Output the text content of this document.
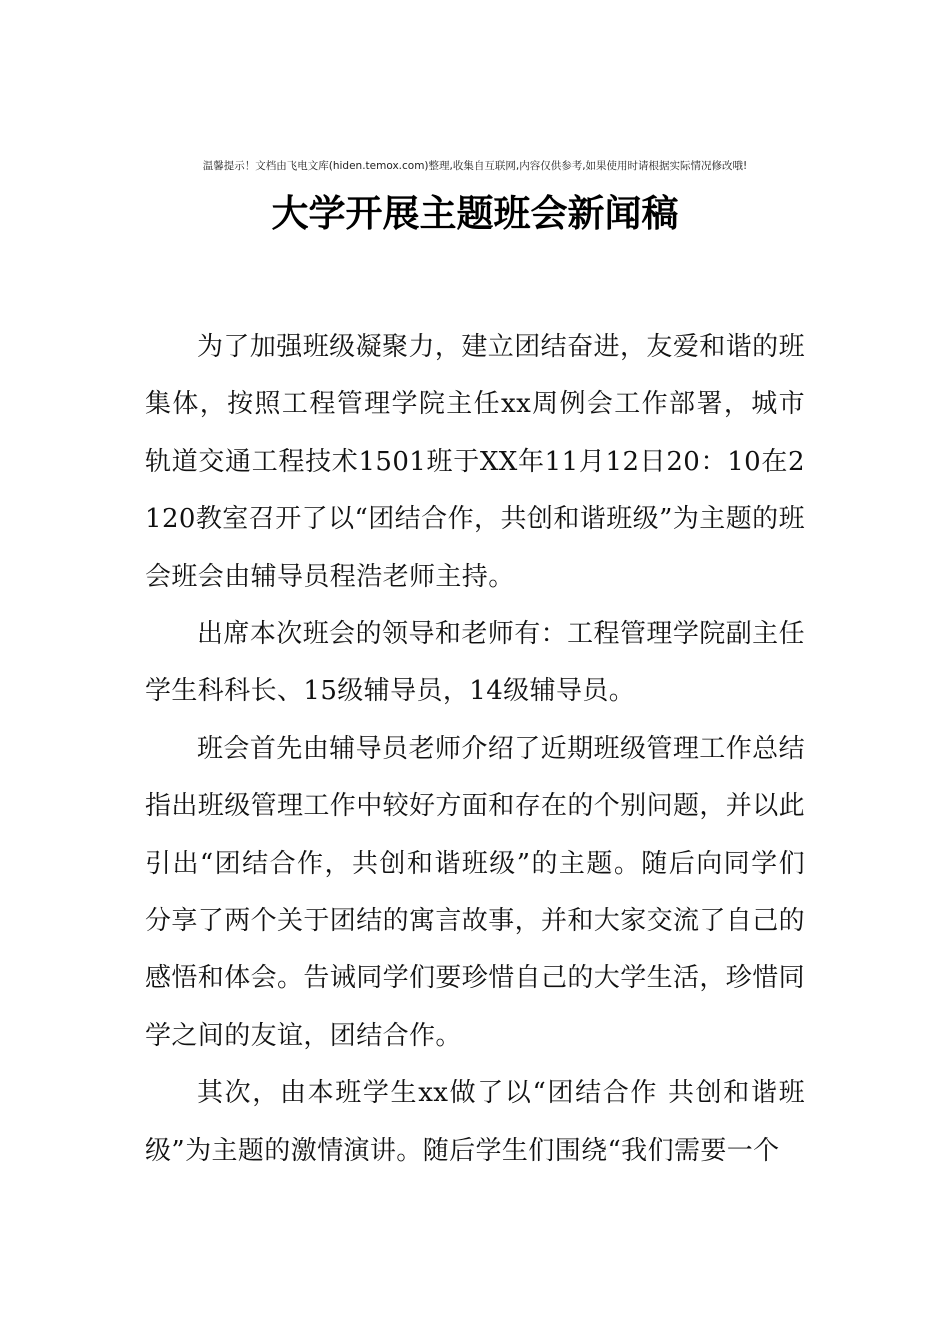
温馨提示！文档由飞电文库(hiden.temox.com)整理,收集自互联网,内容仅供参考,如果使用时请根据实际情况修改哦!
大学开展主题班会新闻稿

为了加强班级凝聚力，建立团结奋进，友爱和谐的班集体，按照工程管理学院主任xx周例会工作部署，城市轨道交通工程技术1501班于XX年11月12日20：10在2120教室召开了以“团结合作，共创和谐班级”为主题的班会班会由辅导员程浩老师主持。

出席本次班会的领导和老师有：工程管理学院副主任学生科科长、15级辅导员，14级辅导员。

班会首先由辅导员老师介绍了近期班级管理工作总结指出班级管理工作中较好方面和存在的个别问题，并以此引出“团结合作，共创和谐班级”的主题。随后向同学们分享了两个关于团结的寓言故事，并和大家交流了自己的感悟和体会。告诫同学们要珍惜自己的大学生活，珍惜同学之间的友谊，团结合作。

其次，由本班学生xx做了以“团结合作 共创和谐班级”为主题的激情演讲。随后学生们围绕“我们需要一个
